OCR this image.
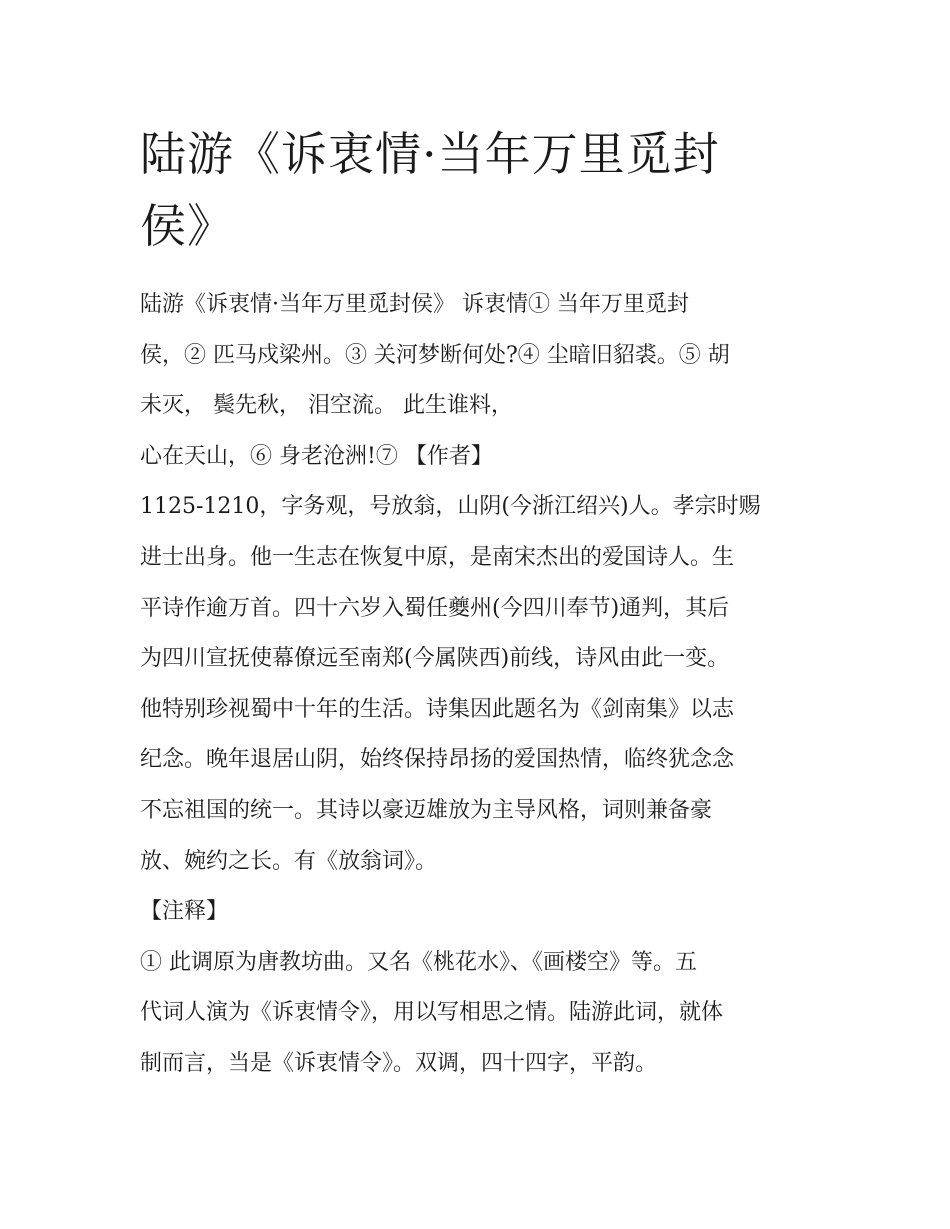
陆游《诉衷情·当年万里觅封侯》

陆游《诉衷情·当年万里觅封侯》 诉衷情① 当年万里觅封

侯，② 匹马戍梁州。③ 关河梦断何处?④ 尘暗旧貂裘。⑤ 胡

未灭， 鬓先秋， 泪空流。 此生谁料，

心在天山，⑥ 身老沧洲!⑦ 【作者】

1125-1210，字务观，号放翁，山阴(今浙江绍兴)人。孝宗时赐

进士出身。他一生志在恢复中原，是南宋杰出的爱国诗人。生

平诗作逾万首。四十六岁入蜀任夔州(今四川奉节)通判，其后

为四川宣抚使幕僚远至南郑(今属陕西)前线，诗风由此一变。

他特别珍视蜀中十年的生活。诗集因此题名为《剑南集》以志

纪念。晚年退居山阴，始终保持昂扬的爱国热情，临终犹念念

不忘祖国的统一。其诗以豪迈雄放为主导风格，词则兼备豪

放、婉约之长。有《放翁词》。

【注释】

① 此调原为唐教坊曲。又名《桃花水》、《画楼空》等。五

代词人演为《诉衷情令》，用以写相思之情。陆游此词，就体

制而言，当是《诉衷情令》。双调，四十四字，平韵。
